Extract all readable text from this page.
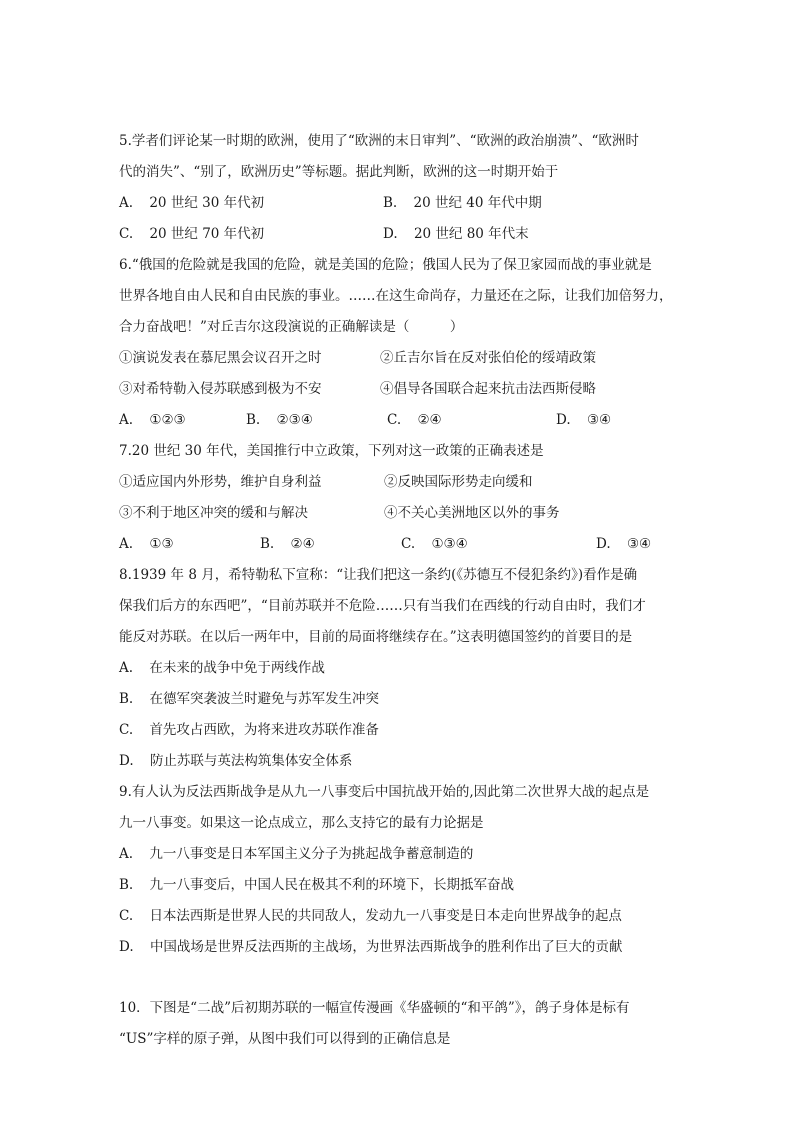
5.学者们评论某一时期的欧洲，使用了“欧洲的末日审判”、“欧洲的政治崩溃”、“欧洲时
代的消失”、“别了，欧洲历史”等标题。据此判断，欧洲的这一时期开始于
A. 20 世纪 30 年代初	B. 20 世纪 40 年代中期
C. 20 世纪 70 年代初	D. 20 世纪 80 年代末
6.“俄国的危险就是我国的危险，就是美国的危险；俄国人民为了保卫家园而战的事业就是
世界各地自由人民和自由民族的事业。……在这生命尚存，力量还在之际，让我们加倍努力，
合力奋战吧！”对丘吉尔这段演说的正确解读是（　　　）
①演说发表在慕尼黑会议召开之时	②丘吉尔旨在反对张伯伦的绥靖政策
③对希特勒入侵苏联感到极为不安	④倡导各国联合起来抗击法西斯侵略
A. ①②③	B. ②③④	C. ②④	D. ③④
7.20 世纪 30 年代，美国推行中立政策，下列对这一政策的正确表述是
①适应国内外形势，维护自身利益	②反映国际形势走向缓和
③不利于地区冲突的缓和与解决	④不关心美洲地区以外的事务
A. ①③	B. ②④	C. ①③④	D. ③④
8.1939 年 8 月，希特勒私下宣称：“让我们把这一条约(《苏德互不侵犯条约》)看作是确
保我们后方的东西吧”，“目前苏联并不危险……只有当我们在西线的行动自由时，我们才
能反对苏联。在以后一两年中，目前的局面将继续存在。”这表明德国签约的首要目的是
A. 在未来的战争中免于两线作战
B. 在德军突袭波兰时避免与苏军发生冲突
C. 首先攻占西欧，为将来进攻苏联作准备
D. 防止苏联与英法构筑集体安全体系
9.有人认为反法西斯战争是从九一八事变后中国抗战开始的,因此第二次世界大战的起点是
九一八事变。如果这一论点成立，那么支持它的最有力论据是
A. 九一八事变是日本军国主义分子为挑起战争蓄意制造的
B. 九一八事变后，中国人民在极其不利的环境下，长期抵军奋战
C. 日本法西斯是世界人民的共同敌人，发动九一八事变是日本走向世界战争的起点
D. 中国战场是世界反法西斯的主战场，为世界法西斯战争的胜利作出了巨大的贡献
10．下图是“二战”后初期苏联的一幅宣传漫画《华盛顿的“和平鸽”》，鸽子身体是标有
“US”字样的原子弹，从图中我们可以得到的正确信息是
